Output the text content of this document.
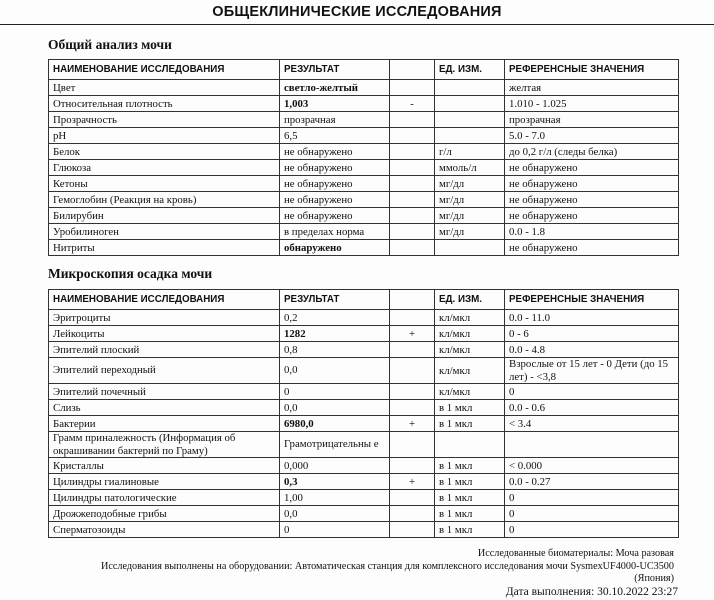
ОБЩЕКЛИНИЧЕСКИЕ ИССЛЕДОВАНИЯ
Общий анализ мочи
НАИМЕНОВАНИЕ ИССЛЕДОВАНИЯ	РЕЗУЛЬТАТ		ЕД. ИЗМ.	РЕФЕРЕНСНЫЕ ЗНАЧЕНИЯ
Цвет	светло-желтый			желтая
Относительная плотность	1,003	-		1.010 - 1.025
Прозрачность	прозрачная			прозрачная
pH	6,5			5.0 - 7.0
Белок	не обнаружено		г/л	до 0,2 г/л (следы белка)
Глюкоза	не обнаружено		ммоль/л	не обнаружено
Кетоны	не обнаружено		мг/дл	не обнаружено
Гемоглобин (Реакция на кровь)	не обнаружено		мг/дл	не обнаружено
Билирубин	не обнаружено		мг/дл	не обнаружено
Уробилиноген	в пределах норма		мг/дл	0.0 - 1.8
Нитриты	обнаружено			не обнаружено
Микроскопия осадка мочи
НАИМЕНОВАНИЕ ИССЛЕДОВАНИЯ	РЕЗУЛЬТАТ		ЕД. ИЗМ.	РЕФЕРЕНСНЫЕ ЗНАЧЕНИЯ
Эритроциты	0,2		кл/мкл	0.0 - 11.0
Лейкоциты	1282	+	кл/мкл	0 - 6
Эпителий плоский	0,8		кл/мкл	0.0 - 4.8
Эпителий переходный	0,0		кл/мкл	Взрослые от 15 лет - 0 Дети (до 15 лет) - <3,8
Эпителий почечный	0		кл/мкл	0
Слизь	0,0		в 1 мкл	0.0 - 0.6
Бактерии	6980,0	+	в 1 мкл	< 3.4
Грамм приналежность (Информация об окрашивании бактерий по Граму)	Грамотрицательны е			
Кристаллы	0,000		в 1 мкл	< 0.000
Цилиндры гиалиновые	0,3	+	в 1 мкл	0.0 - 0.27
Цилиндры патологические	1,00		в 1 мкл	0
Дрожжеподобные грибы	0,0		в 1 мкл	0
Сперматозоиды	0		в 1 мкл	0
Исследованные биоматериалы: Моча разовая
Исследования выполнены на оборудовании: Автоматическая станция для комплексного исследования мочи SysmexUF4000-UC3500
(Япония)
Дата выполнения: 30.10.2022 23:27
